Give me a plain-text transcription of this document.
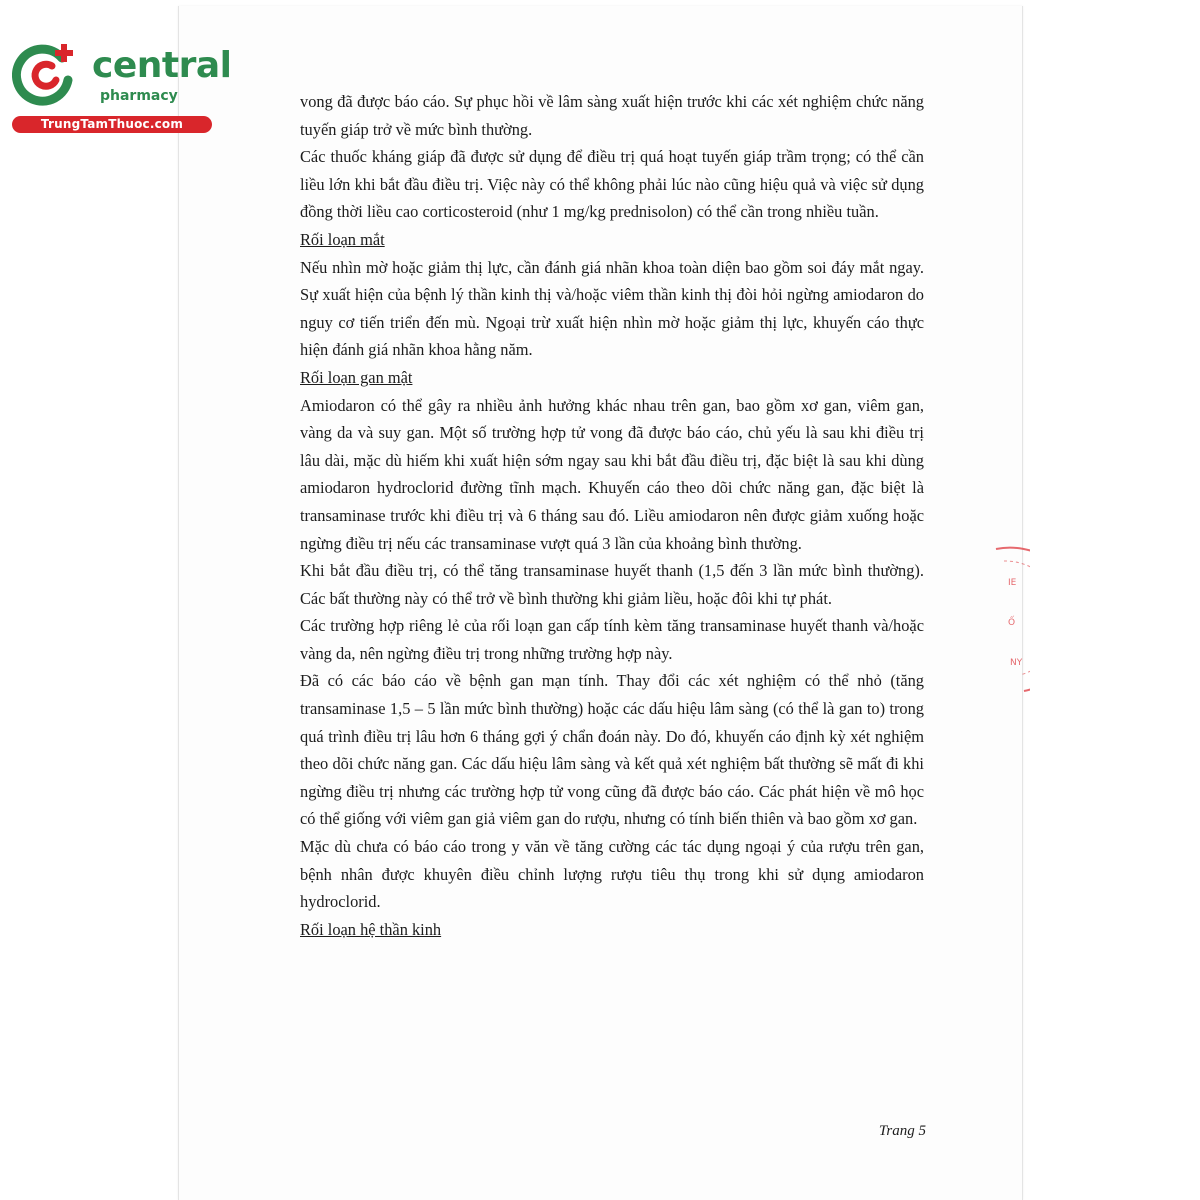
central
pharmacy
TrungTamThuoc.com

vong đã được báo cáo. Sự phục hồi về lâm sàng xuất hiện trước khi các xét nghiệm chức năng tuyến giáp trở về mức bình thường.

Các thuốc kháng giáp đã được sử dụng để điều trị quá hoạt tuyến giáp trầm trọng; có thể cần liều lớn khi bắt đầu điều trị. Việc này có thể không phải lúc nào cũng hiệu quả và việc sử dụng đồng thời liều cao corticosteroid (như 1 mg/kg prednisolon) có thể cần trong nhiều tuần.

Rối loạn mắt

Nếu nhìn mờ hoặc giảm thị lực, cần đánh giá nhãn khoa toàn diện bao gồm soi đáy mắt ngay. Sự xuất hiện của bệnh lý thần kinh thị và/hoặc viêm thần kinh thị đòi hỏi ngừng amiodaron do nguy cơ tiến triển đến mù. Ngoại trừ xuất hiện nhìn mờ hoặc giảm thị lực, khuyến cáo thực hiện đánh giá nhãn khoa hằng năm.

Rối loạn gan mật

Amiodaron có thể gây ra nhiều ảnh hưởng khác nhau trên gan, bao gồm xơ gan, viêm gan, vàng da và suy gan. Một số trường hợp tử vong đã được báo cáo, chủ yếu là sau khi điều trị lâu dài, mặc dù hiếm khi xuất hiện sớm ngay sau khi bắt đầu điều trị, đặc biệt là sau khi dùng amiodaron hydroclorid đường tĩnh mạch. Khuyến cáo theo dõi chức năng gan, đặc biệt là transaminase trước khi điều trị và 6 tháng sau đó. Liều amiodaron nên được giảm xuống hoặc ngừng điều trị nếu các transaminase vượt quá 3 lần của khoảng bình thường.

Khi bắt đầu điều trị, có thể tăng transaminase huyết thanh (1,5 đến 3 lần mức bình thường). Các bất thường này có thể trở về bình thường khi giảm liều, hoặc đôi khi tự phát.

Các trường hợp riêng lẻ của rối loạn gan cấp tính kèm tăng transaminase huyết thanh và/hoặc vàng da, nên ngừng điều trị trong những trường hợp này.

Đã có các báo cáo về bệnh gan mạn tính. Thay đổi các xét nghiệm có thể nhỏ (tăng transaminase 1,5 – 5 lần mức bình thường) hoặc các dấu hiệu lâm sàng (có thể là gan to) trong quá trình điều trị lâu hơn 6 tháng gợi ý chẩn đoán này. Do đó, khuyến cáo định kỳ xét nghiệm theo dõi chức năng gan. Các dấu hiệu lâm sàng và kết quả xét nghiệm bất thường sẽ mất đi khi ngừng điều trị nhưng các trường hợp tử vong cũng đã được báo cáo. Các phát hiện về mô học có thể giống với viêm gan giả viêm gan do rượu, nhưng có tính biến thiên và bao gồm xơ gan.

Mặc dù chưa có báo cáo trong y văn về tăng cường các tác dụng ngoại ý của rượu trên gan, bệnh nhân được khuyên điều chỉnh lượng rượu tiêu thụ trong khi sử dụng amiodaron hydroclorid.

Rối loạn hệ thần kinh

Trang 5
IE
Ố
NY
